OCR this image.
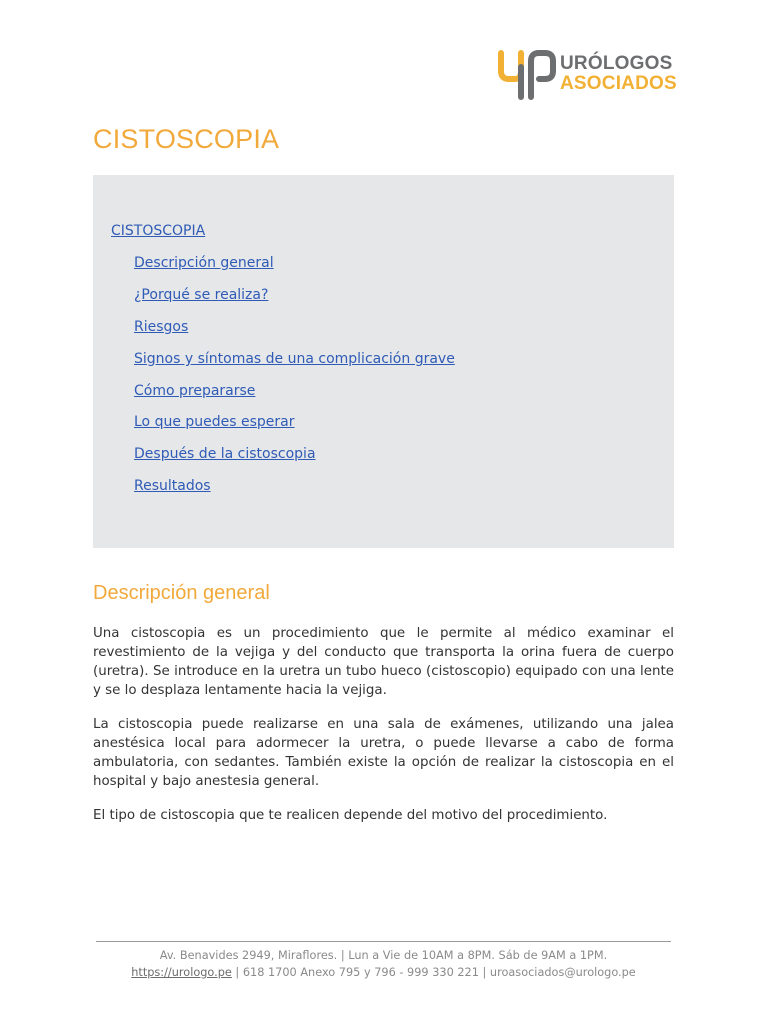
URÓLOGOS
ASOCIADOS
CISTOSCOPIA
CISTOSCOPIA
Descripción general
¿Porqué se realiza?
Riesgos
Signos y síntomas de una complicación grave
Cómo prepararse
Lo que puedes esperar
Después de la cistoscopia
Resultados
Descripción general

Una cistoscopia es un procedimiento que le permite al médico examinar el revestimiento de la vejiga y del conducto que transporta la orina fuera de cuerpo (uretra). Se introduce en la uretra un tubo hueco (cistoscopio) equipado con una lente y se lo desplaza lentamente hacia la vejiga.

La cistoscopia puede realizarse en una sala de exámenes, utilizando una jalea anestésica local para adormecer la uretra, o puede llevarse a cabo de forma ambulatoria, con sedantes. También existe la opción de realizar la cistoscopia en el hospital y bajo anestesia general.

El tipo de cistoscopia que te realicen depende del motivo del procedimiento.

Av. Benavides 2949, Miraflores. | Lun a Vie de 10AM a 8PM. Sáb de 9AM a 1PM.
https://urologo.pe | 618 1700 Anexo 795 y 796 - 999 330 221 | uroasociados@urologo.pe
